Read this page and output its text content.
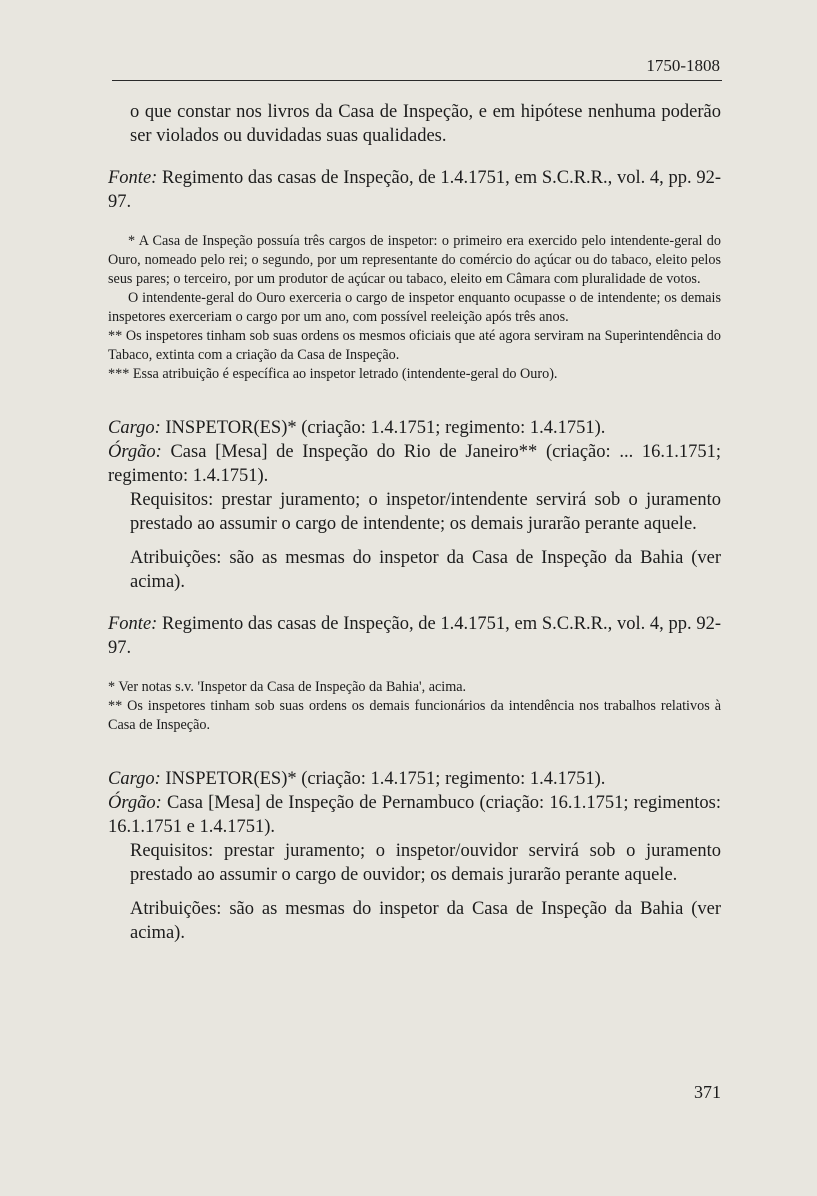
1750-1808

o que constar nos livros da Casa de Inspeção, e em hipótese nenhuma poderão ser violados ou duvidadas suas qualidades.

Fonte: Regimento das casas de Inspeção, de 1.4.1751, em S.C.R.R., vol. 4, pp. 92-97.

* A Casa de Inspeção possuía três cargos de inspetor: o primeiro era exercido pelo intendente-geral do Ouro, nomeado pelo rei; o segundo, por um representante do comércio do açúcar ou do tabaco, eleito pelos seus pares; o terceiro, por um produtor de açúcar ou tabaco, eleito em Câmara com pluralidade de votos.

O intendente-geral do Ouro exerceria o cargo de inspetor enquanto ocupasse o de intendente; os demais inspetores exerceriam o cargo por um ano, com possível reeleição após três anos.

** Os inspetores tinham sob suas ordens os mesmos oficiais que até agora serviram na Superintendência do Tabaco, extinta com a criação da Casa de Inspeção.

*** Essa atribuição é específica ao inspetor letrado (intendente-geral do Ouro).

Cargo: INSPETOR(ES)* (criação: 1.4.1751; regimento: 1.4.1751).

Órgão: Casa [Mesa] de Inspeção do Rio de Janeiro** (criação: ... 16.1.1751; regimento: 1.4.1751).

Requisitos: prestar juramento; o inspetor/intendente servirá sob o juramento prestado ao assumir o cargo de intendente; os demais jurarão perante aquele.

Atribuições: são as mesmas do inspetor da Casa de Inspeção da Bahia (ver acima).

Fonte: Regimento das casas de Inspeção, de 1.4.1751, em S.C.R.R., vol. 4, pp. 92-97.

* Ver notas s.v. 'Inspetor da Casa de Inspeção da Bahia', acima.

** Os inspetores tinham sob suas ordens os demais funcionários da intendência nos trabalhos relativos à Casa de Inspeção.

Cargo: INSPETOR(ES)* (criação: 1.4.1751; regimento: 1.4.1751).

Órgão: Casa [Mesa] de Inspeção de Pernambuco (criação: 16.1.1751; regimentos: 16.1.1751 e 1.4.1751).

Requisitos: prestar juramento; o inspetor/ouvidor servirá sob o juramento prestado ao assumir o cargo de ouvidor; os demais jurarão perante aquele.

Atribuições: são as mesmas do inspetor da Casa de Inspeção da Bahia (ver acima).

371
